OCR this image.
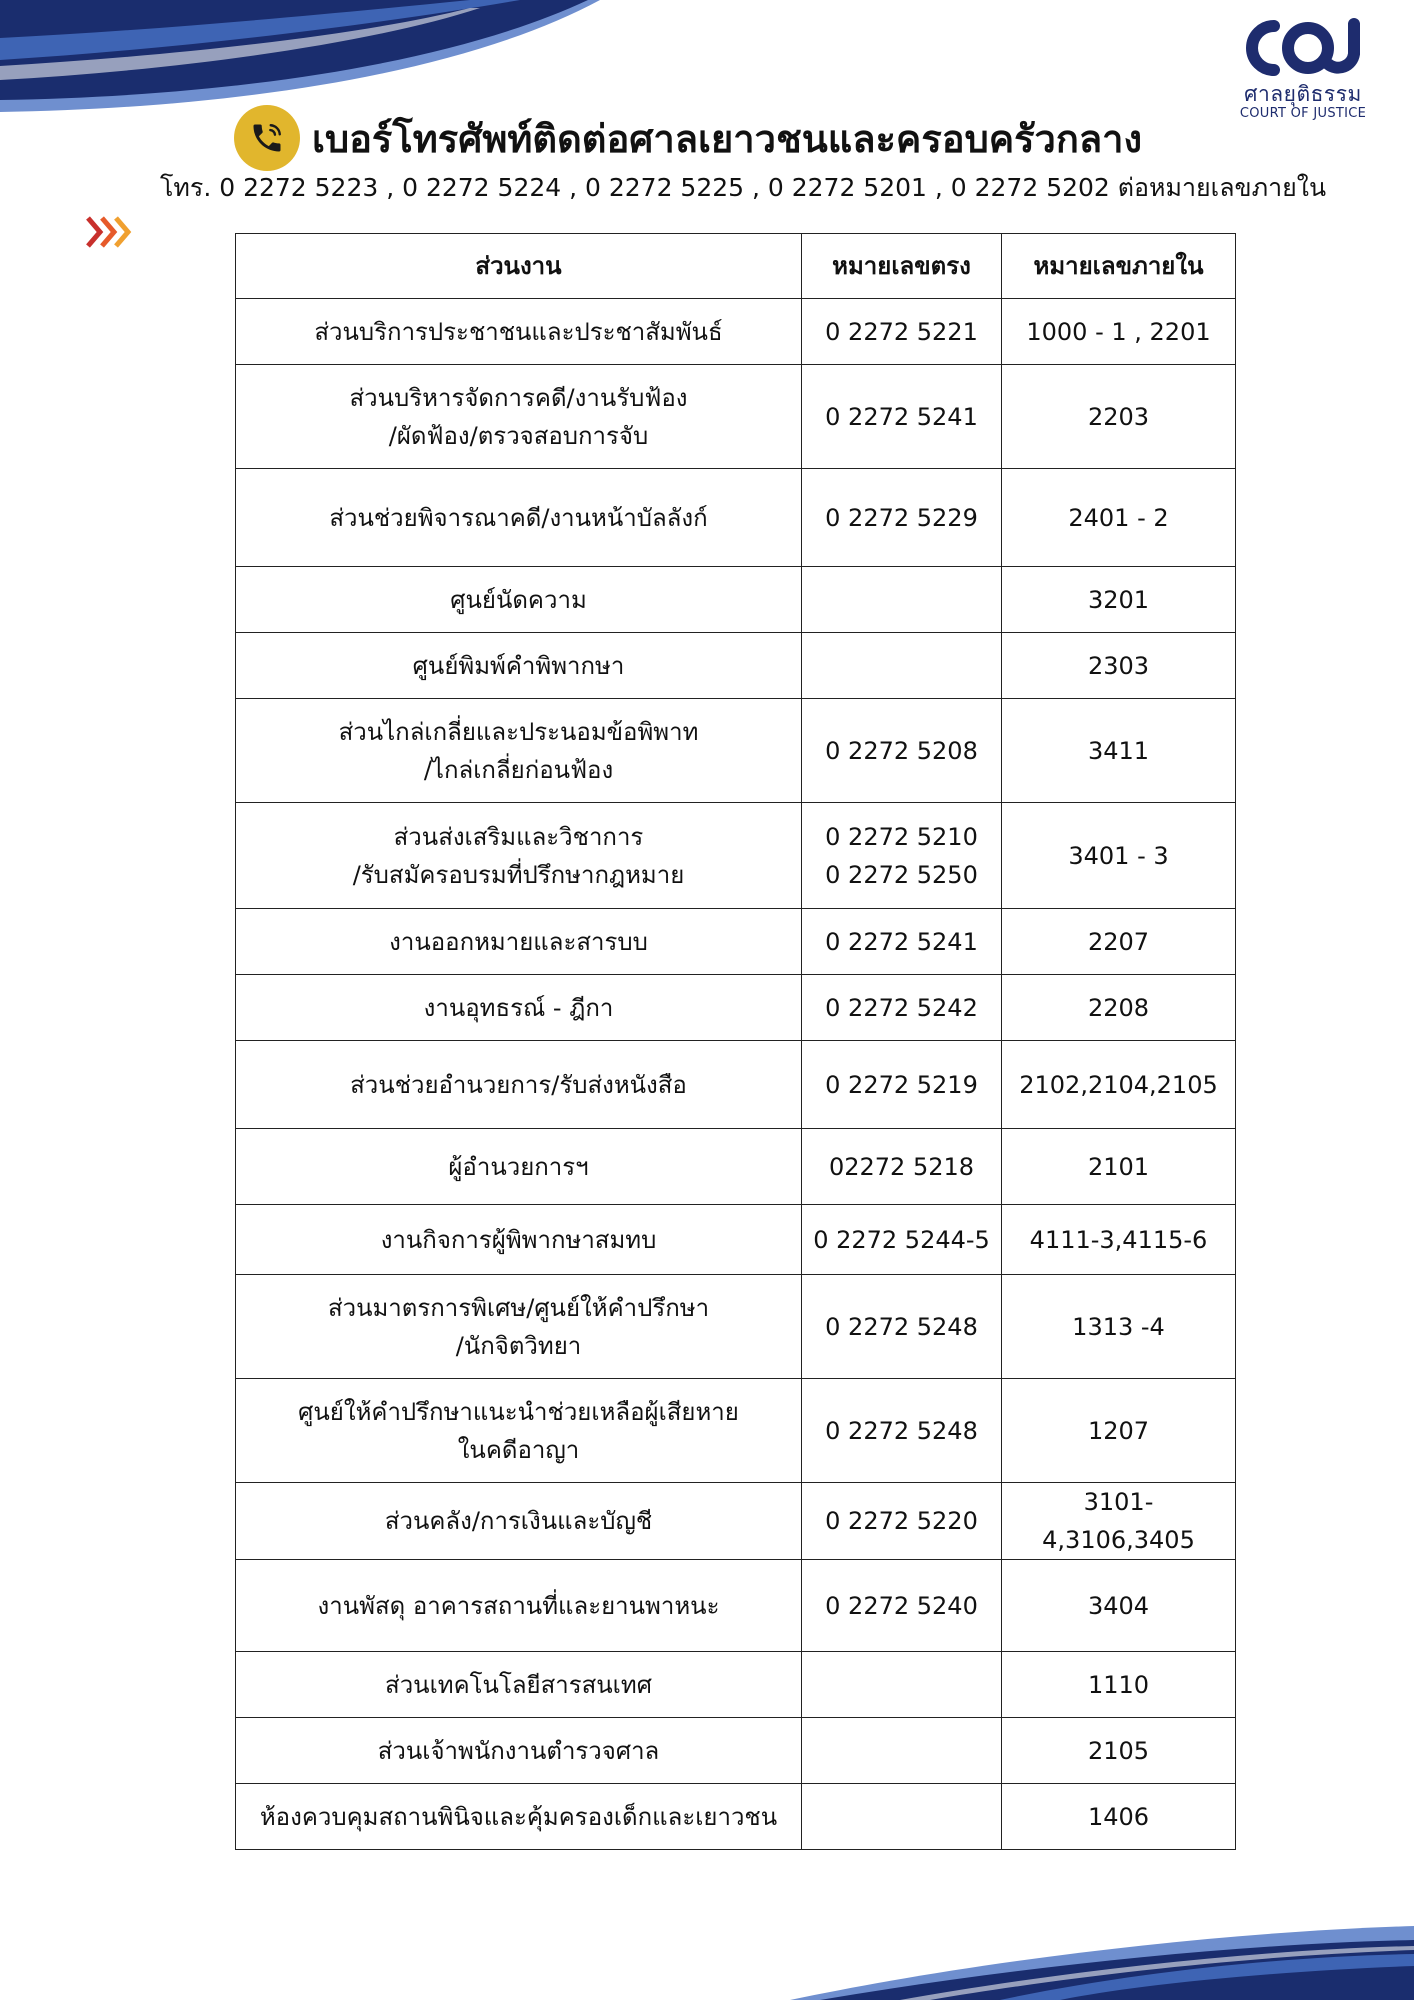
ศาลยุติธรรม
COURT OF JUSTICE
เบอร์โทรศัพท์ติดต่อศาลเยาวชนและครอบครัวกลาง
โทร. 0 2272 5223 , 0 2272 5224 , 0 2272 5225 , 0 2272 5201 , 0 2272 5202 ต่อหมายเลขภายใน
ส่วนงาน	หมายเลขตรง	หมายเลขภายใน

ส่วนบริการประชาชนและประชาสัมพันธ์	0 2272 5221	1000 - 1 , 2201

ส่วนบริหารจัดการคดี/งานรับฟ้อง
/ผัดฟ้อง/ตรวจสอบการจับ	0 2272 5241	2203

ส่วนช่วยพิจารณาคดี/งานหน้าบัลลังก์	0 2272 5229	2401 - 2

ศูนย์นัดความ		3201

ศูนย์พิมพ์คำพิพากษา		2303

ส่วนไกล่เกลี่ยและประนอมข้อพิพาท
/ไกล่เกลี่ยก่อนฟ้อง	0 2272 5208	3411

ส่วนส่งเสริมและวิชาการ
/รับสมัครอบรมที่ปรึกษากฎหมาย	0 2272 5210
0 2272 5250	3401 - 3

งานออกหมายและสารบบ	0 2272 5241	2207

งานอุทธรณ์ - ฎีกา	0 2272 5242	2208

ส่วนช่วยอำนวยการ/รับส่งหนังสือ	0 2272 5219	2102,2104,2105

ผู้อำนวยการฯ	02272 5218	2101

งานกิจการผู้พิพากษาสมทบ	0 2272 5244-5	4111-3,4115-6

ส่วนมาตรการพิเศษ/ศูนย์ให้คำปรึกษา
/นักจิตวิทยา	0 2272 5248	1313 -4

ศูนย์ให้คำปรึกษาแนะนำช่วยเหลือผู้เสียหาย
ในคดีอาญา	0 2272 5248	1207

ส่วนคลัง/การเงินและบัญชี	0 2272 5220	3101-4,3106,3405

งานพัสดุ อาคารสถานที่และยานพาหนะ	0 2272 5240	3404

ส่วนเทคโนโลยีสารสนเทศ		1110

ส่วนเจ้าพนักงานตำรวจศาล		2105

ห้องควบคุมสถานพินิจและคุ้มครองเด็กและเยาวชน		1406
